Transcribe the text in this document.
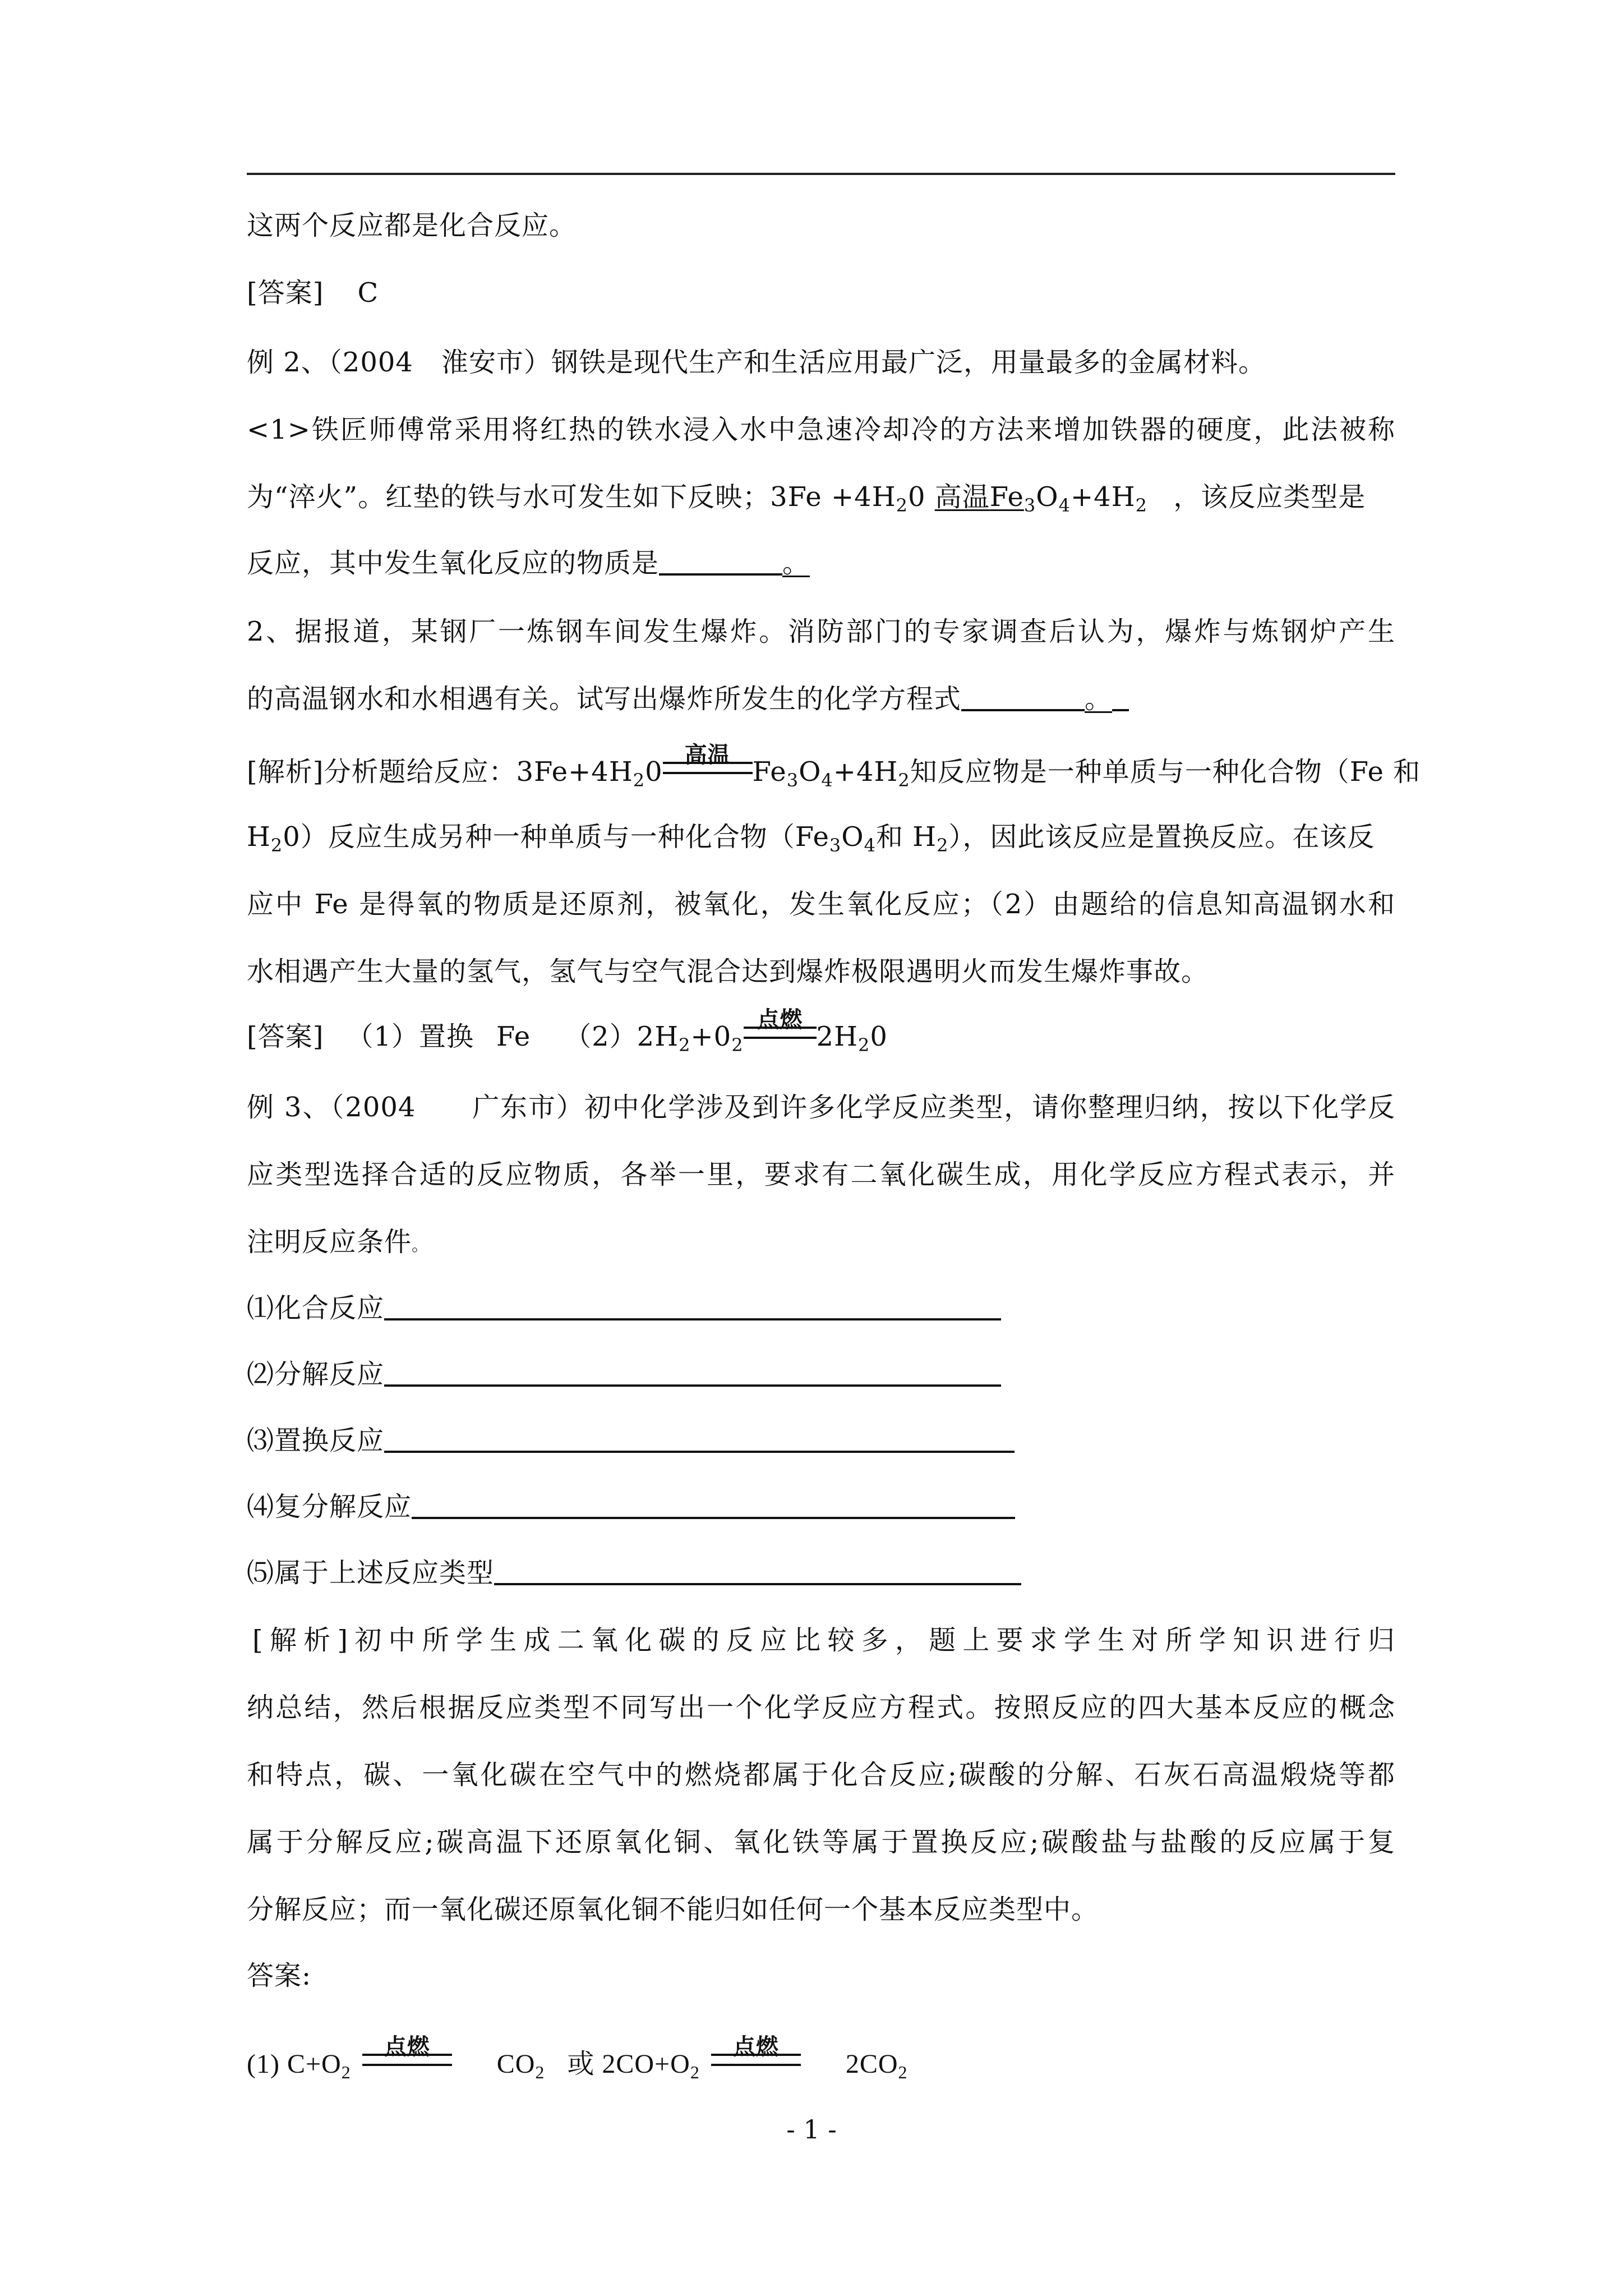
这两个反应都是化合反应。
[答案] C
例 2、（2004 淮安市）钢铁是现代生产和生活应用最广泛，用量最多的金属材料。
<1>铁匠师傅常采用将红热的铁水浸入水中急速冷却冷的方法来增加铁器的硬度，此法被称
为“淬火”。红垫的铁与水可发生如下反映；$3Fe +4H_20$ 高温$Fe_3O_4+4H_2$ ，该反应类型是
反应，其中发生氧化反应的物质是	。
2、据报道，某钢厂一炼钢车间发生爆炸。消防部门的专家调查后认为，爆炸与炼钢炉产生
的高温钢水和水相遇有关。试写出爆炸所发生的化学方程式	。
[解析]分析题给反应：$3Fe+4H_20$
高温
$Fe_3O_4+4H_2$知反应物是一种单质与一种化合物（Fe 和
$H_20$）反应生成另种一种单质与一种化合物（$Fe_3O_4$和 $H_2$），因此该反应是置换反应。在该反
应中 Fe 是得氧的物质是还原剂，被氧化，发生氧化反应；（2）由题给的信息知高温钢水和
水相遇产生大量的氢气，氢气与空气混合达到爆炸极限遇明火而发生爆炸事故。
[答案] （1）置换 Fe $(2)2H_2+0_2$
点燃
$2H_20$
例 3、（2004　　广东市）初中化学涉及到许多化学反应类型，请你整理归纳，按以下化学反
应类型选择合适的反应物质，各举一里，要求有二氧化碳生成，用化学反应方程式表示，并
注明反应条件。
⑴化合反应
⑵分解反应
⑶置换反应
⑷复分解反应
⑸属于上述反应类型
[解析]初中所学生成二氧化碳的反应比较多，题上要求学生对所学知识进行归
纳总结，然后根据反应类型不同写出一个化学反应方程式。按照反应的四大基本反应的概念
和特点，碳、一氧化碳在空气中的燃烧都属于化合反应;碳酸的分解、石灰石高温煅烧等都
属于分解反应;碳高温下还原氧化铜、氧化铁等属于置换反应;碳酸盐与盐酸的反应属于复
分解反应；而一氧化碳还原氧化铜不能归如任何一个基本反应类型中。
答案:
(1) $C+O_2$
点燃
$CO_2$ 或 $2CO+O_2$
点燃
$2CO_2$
- 1 -
